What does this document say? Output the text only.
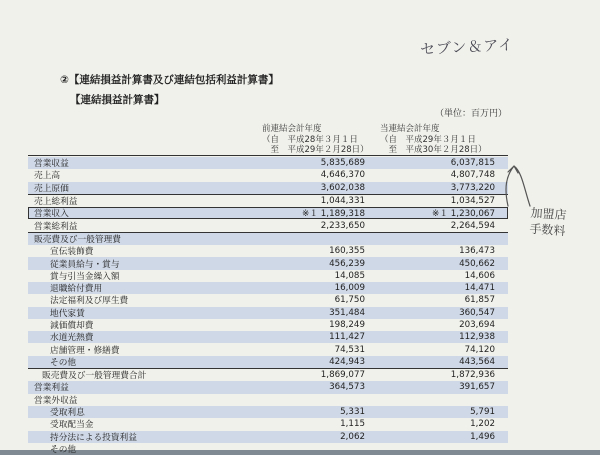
セブン＆アイ
②【連結損益計算書及び連結包括利益計算書】
【連結損益計算書】
（単位：百万円）
前連結会計年度
（自　平成28年３月１日
　至　平成29年２月28日）
当連結会計年度
（自　平成29年３月１日
　至　平成30年２月28日）
営業収益	5,835,689	6,037,815
売上高	4,646,370	4,807,748
売上原価	3,602,038	3,773,220
売上総利益	1,044,331	1,034,527
営業収入	※１ 1,189,318	※１ 1,230,067
営業総利益	2,233,650	2,264,594
販売費及び一般管理費
宣伝装飾費	160,355	136,473
従業員給与・賞与	456,239	450,662
賞与引当金繰入額	14,085	14,606
退職給付費用	16,009	14,471
法定福利及び厚生費	61,750	61,857
地代家賃	351,484	360,547
減価償却費	198,249	203,694
水道光熱費	111,427	112,938
店舗管理・修繕費	74,531	74,120
その他	424,943	443,564
販売費及び一般管理費合計	1,869,077	1,872,936
営業利益	364,573	391,657
営業外収益
受取利息	5,331	5,791
受取配当金	1,115	1,202
持分法による投資利益	2,062	1,496
その他
加盟店
手数料
